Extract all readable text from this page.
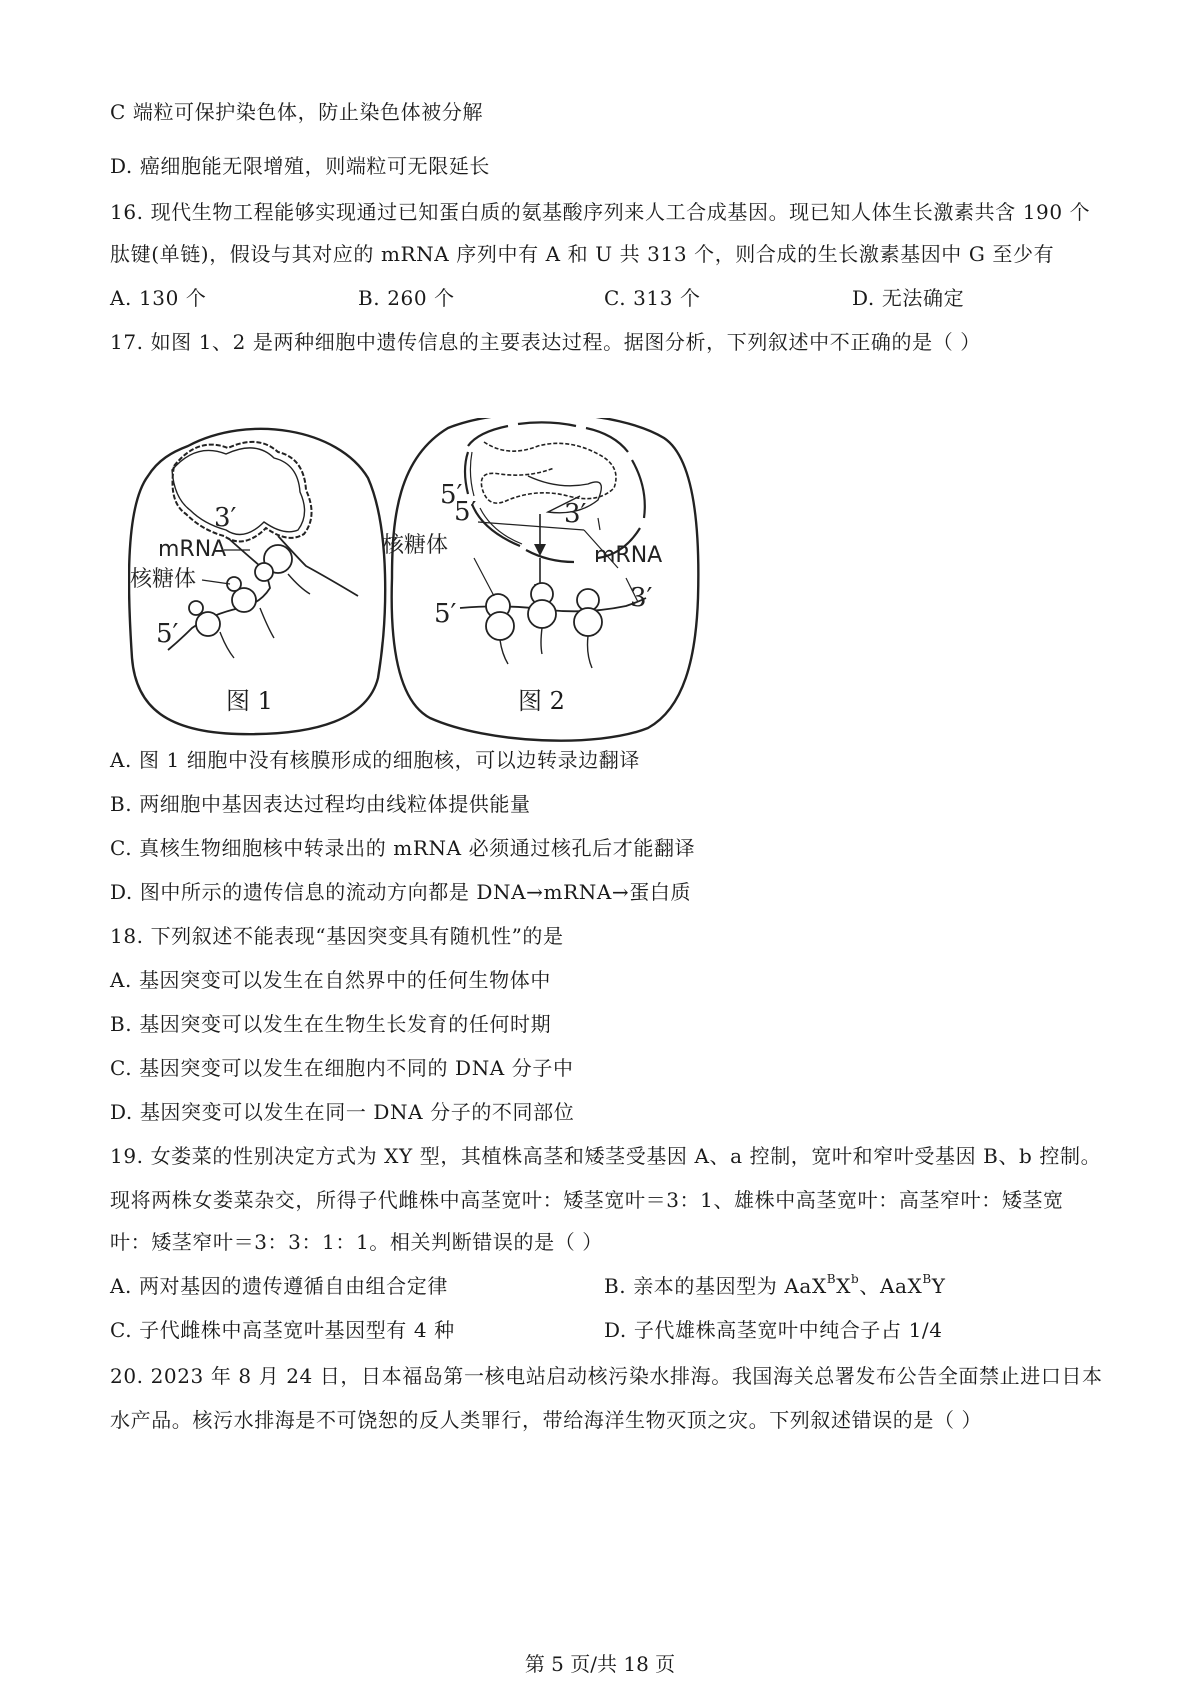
C 端粒可保护染色体，防止染色体被分解
D. 癌细胞能无限增殖，则端粒可无限延长
16. 现代生物工程能够实现通过已知蛋白质的氨基酸序列来人工合成基因。现已知人体生长激素共含 190 个
肽键(单链)，假设与其对应的 mRNA 序列中有 A 和 U 共 313 个，则合成的生长激素基因中 G 至少有
A. 130 个	B. 260 个	C. 313 个	D. 无法确定
17. 如图 1、2 是两种细胞中遗传信息的主要表达过程。据图分析，下列叙述中不正确的是（ ）
3′
mRNA
核糖体
5′
5′
5′	3′
核糖体	mRNA
5′
3′
图 1	图 2
A. 图 1 细胞中没有核膜形成的细胞核，可以边转录边翻译
B. 两细胞中基因表达过程均由线粒体提供能量
C. 真核生物细胞核中转录出的 mRNA 必须通过核孔后才能翻译
D. 图中所示的遗传信息的流动方向都是 DNA→mRNA→蛋白质
18. 下列叙述不能表现“基因突变具有随机性”的是
A. 基因突变可以发生在自然界中的任何生物体中
B. 基因突变可以发生在生物生长发育的任何时期
C. 基因突变可以发生在细胞内不同的 DNA 分子中
D. 基因突变可以发生在同一 DNA 分子的不同部位
19. 女娄菜的性别决定方式为 XY 型，其植株高茎和矮茎受基因 A、a 控制，宽叶和窄叶受基因 B、b 控制。
现将两株女娄菜杂交，所得子代雌株中高茎宽叶：矮茎宽叶＝3：1、雄株中高茎宽叶：高茎窄叶：矮茎宽
叶：矮茎窄叶＝3：3：1：1。相关判断错误的是（ ）
A. 两对基因的遗传遵循自由组合定律	B. 亲本的基因型为 $AaX^BX^b$、AaX$^B$Y
C. 子代雌株中高茎宽叶基因型有 4 种	D. 子代雄株高茎宽叶中纯合子占 1/4
20. 2023 年 8 月 24 日，日本福岛第一核电站启动核污染水排海。我国海关总署发布公告全面禁止进口日本
水产品。核污水排海是不可饶恕的反人类罪行，带给海洋生物灭顶之灾。下列叙述错误的是（ ）
第 5 页/共 18 页
